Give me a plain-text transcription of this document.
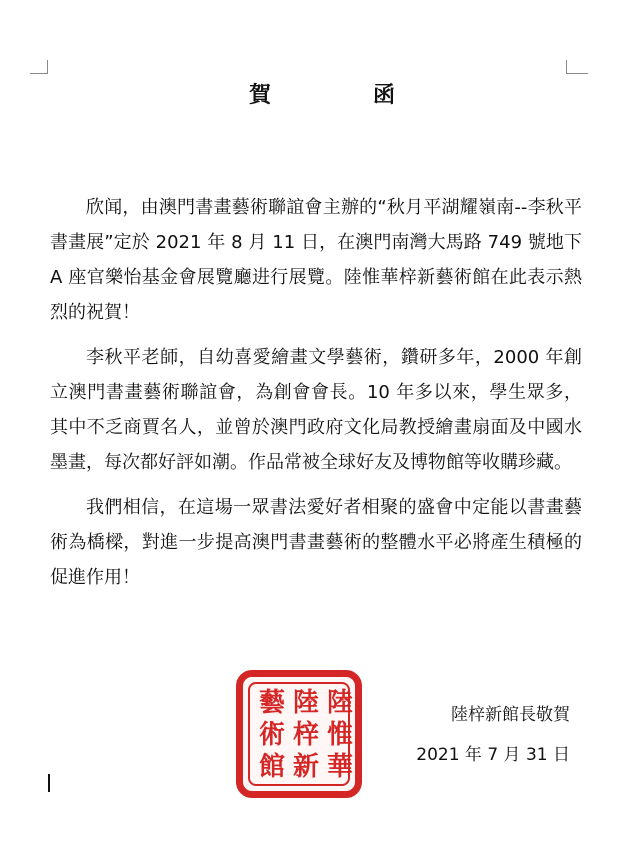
賀　函

欣闻，由澳門書畫藝術聯誼會主辦的“秋月平湖耀嶺南--李秋平書畫展”定於 2021 年 8 月 11 日，在澳門南灣大馬路 749 號地下 A 座官樂怡基金會展覽廳进行展覽。陸惟華梓新藝術館在此表示熱烈的祝賀！

李秋平老師，自幼喜愛繪畫文學藝術，鑽研多年，2000 年創立澳門書畫藝術聯誼會，為創會會長。10 年多以來，學生眾多，其中不乏商賈名人，並曾於澳門政府文化局教授繪畫扇面及中國水墨畫，每次都好評如潮。作品常被全球好友及博物館等收購珍藏。

我們相信，在這場一眾書法愛好者相聚的盛會中定能以書畫藝術為橋樑，對進一步提高澳門書畫藝術的整體水平必將產生積極的促進作用！

陸
惟
華
陸
梓
新
藝
術
館
陸梓新館長敬賀
2021 年 7 月 31 日
